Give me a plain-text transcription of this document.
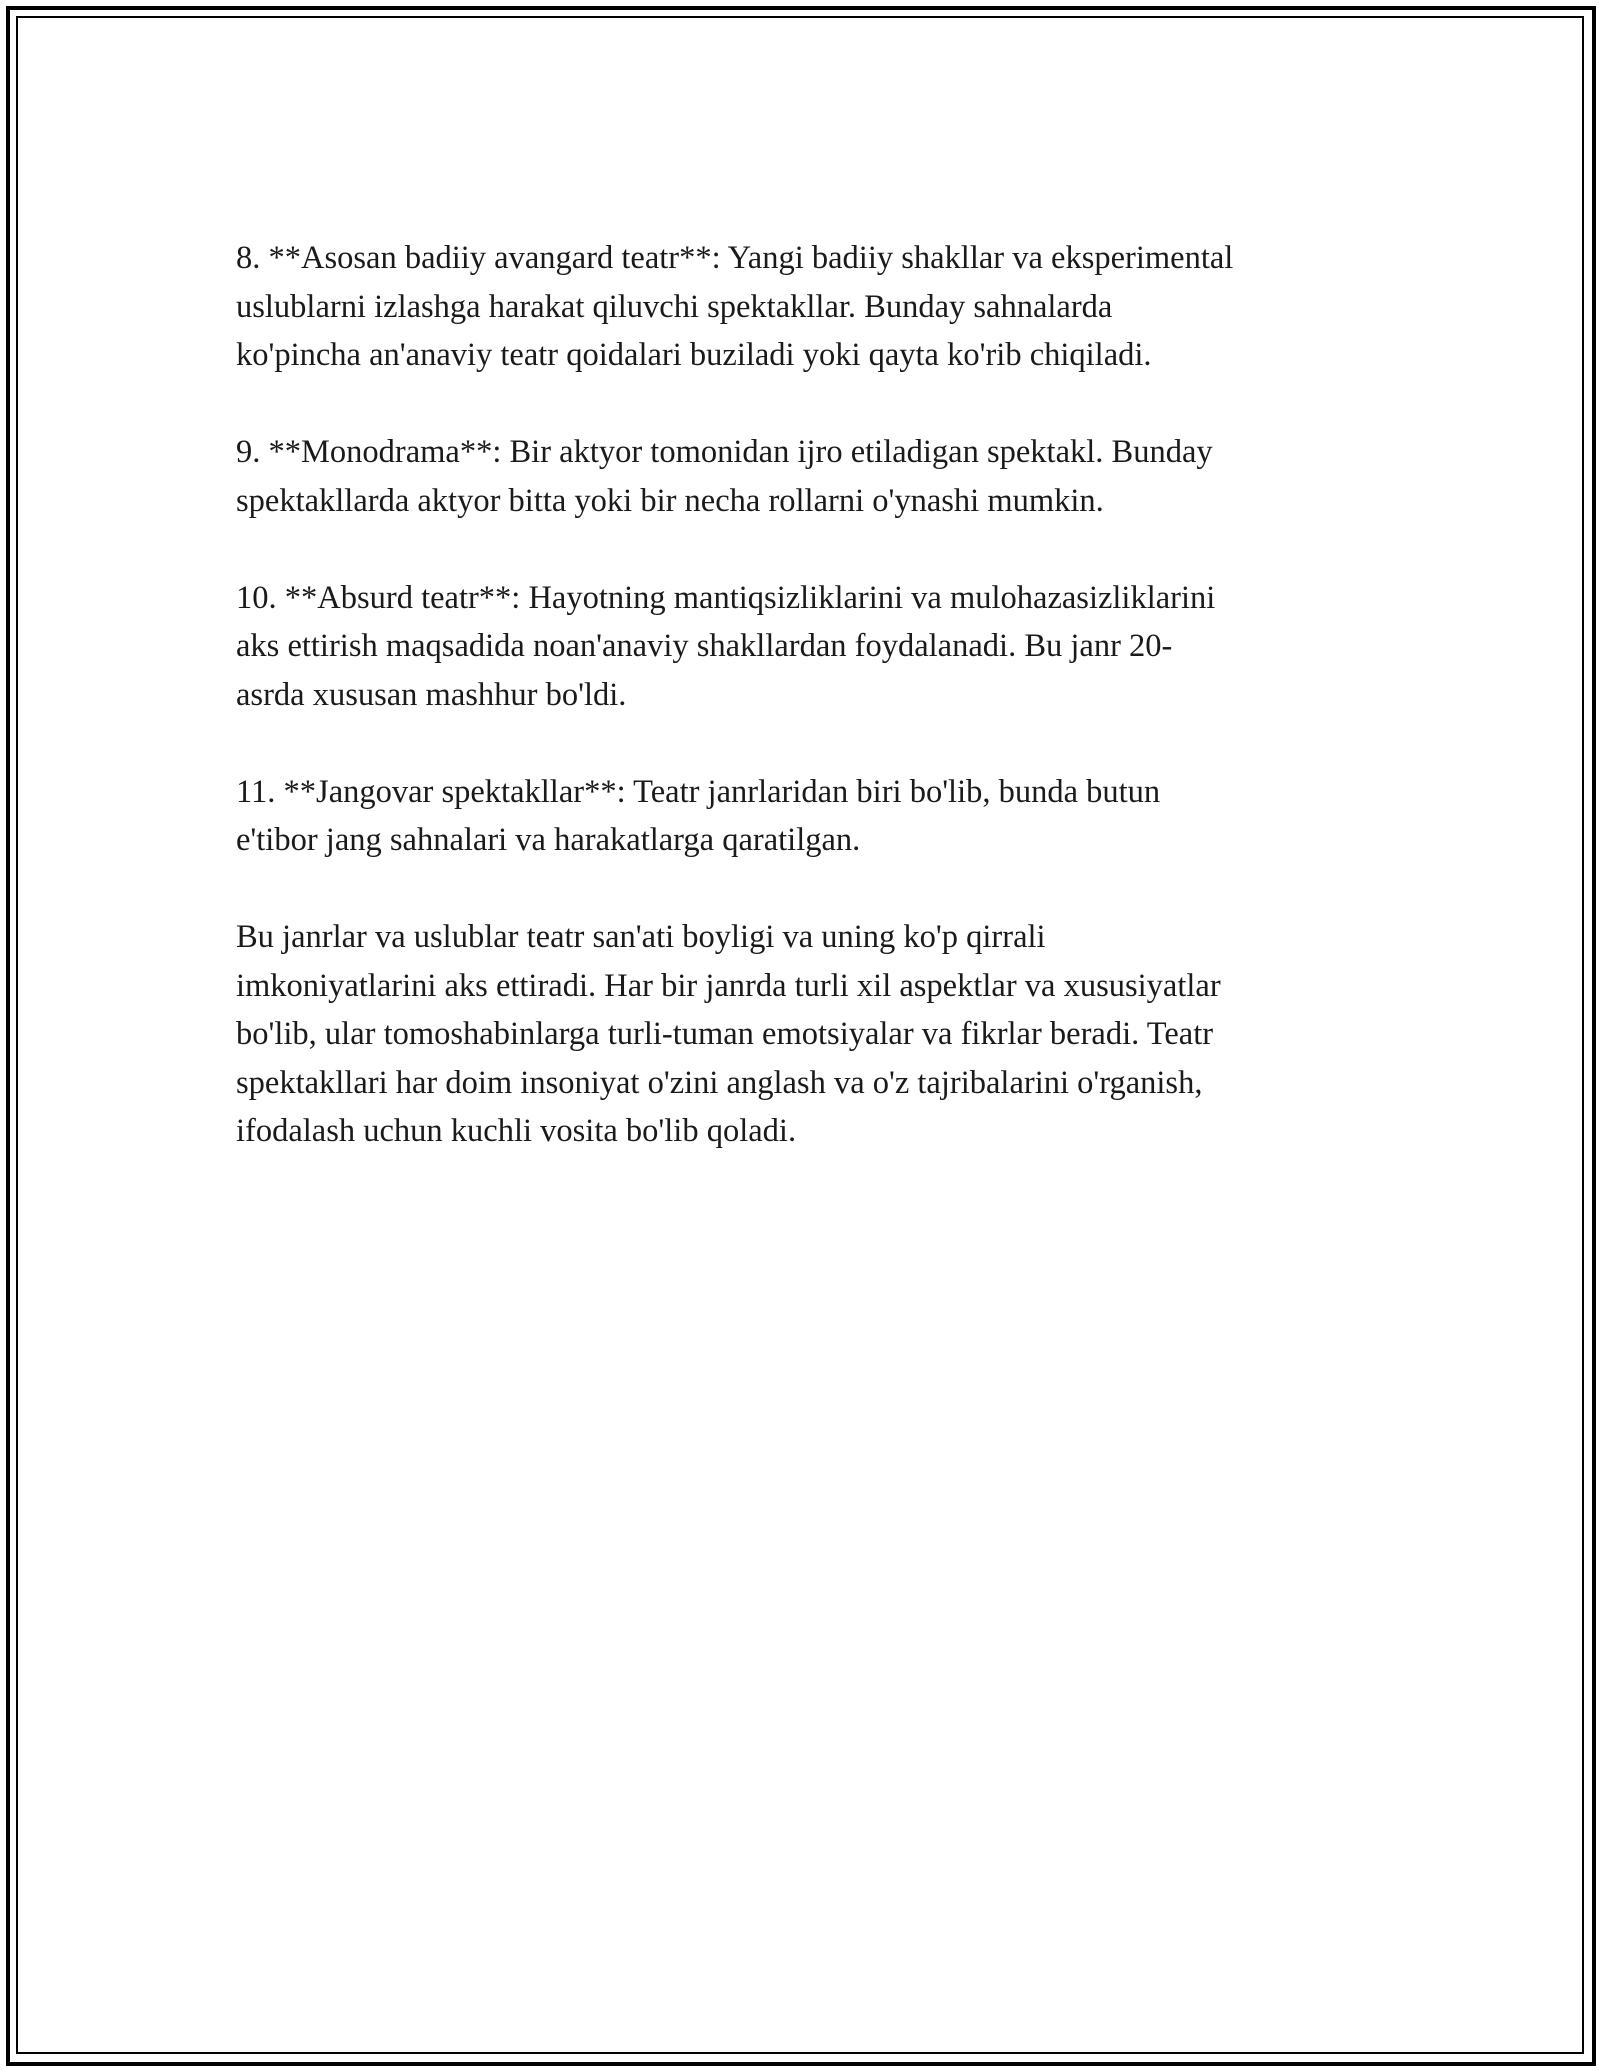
8. **Asosan badiiy avangard teatr**: Yangi badiiy shakllar va eksperimental
uslublarni izlashga harakat qiluvchi spektakllar. Bunday sahnalarda
ko'pincha an'anaviy teatr qoidalari buziladi yoki qayta ko'rib chiqiladi.

9. **Monodrama**: Bir aktyor tomonidan ijro etiladigan spektakl. Bunday
spektakllarda aktyor bitta yoki bir necha rollarni o'ynashi mumkin.

10. **Absurd teatr**: Hayotning mantiqsizliklarini va mulohazasizliklarini
aks ettirish maqsadida noan'anaviy shakllardan foydalanadi. Bu janr 20-
asrda xususan mashhur bo'ldi.

11. **Jangovar spektakllar**: Teatr janrlaridan biri bo'lib, bunda butun
e'tibor jang sahnalari va harakatlarga qaratilgan.

Bu janrlar va uslublar teatr san'ati boyligi va uning ko'p qirrali
imkoniyatlarini aks ettiradi. Har bir janrda turli xil aspektlar va xususiyatlar
bo'lib, ular tomoshabinlarga turli-tuman emotsiyalar va fikrlar beradi. Teatr
spektakllari har doim insoniyat o'zini anglash va o'z tajribalarini o'rganish,
ifodalash uchun kuchli vosita bo'lib qoladi.
